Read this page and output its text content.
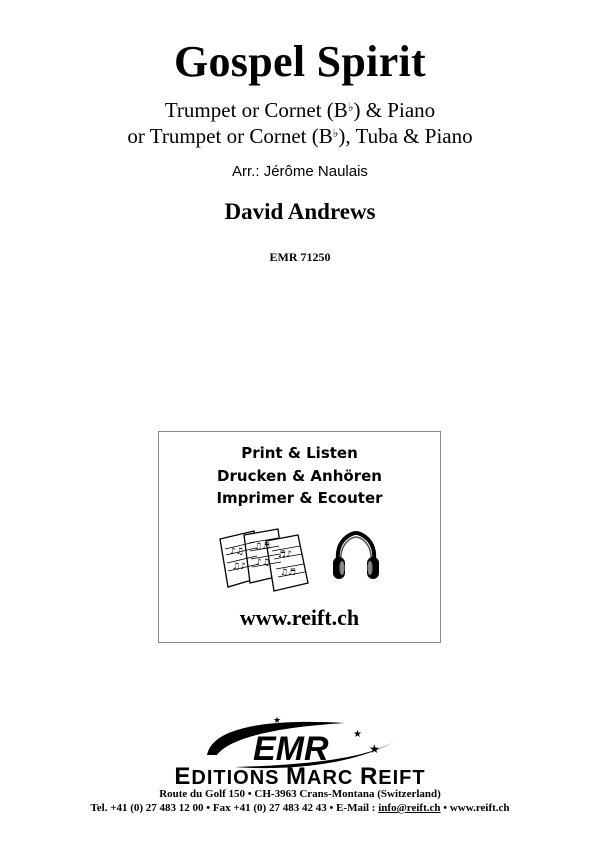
Gospel Spirit
Trumpet or Cornet (B♭) & Piano
or Trumpet or Cornet (B♭), Tuba & Piano
Arr.: Jérôme Naulais
David Andrews
EMR 71250
Print & Listen
Drucken & Anhören
Imprimer & Ecouter
♪♫
♫♪
♫♬
♪♫
♬♪
♫♬
www.reift.ch
★
★
★
EMR
EDITIONS MARC REIFT
Route du Golf 150 • CH-3963 Crans-Montana (Switzerland)
Tel. +41 (0) 27 483 12 00 • Fax +41 (0) 27 483 42 43 • E-Mail : info@reift.ch • www.reift.ch
